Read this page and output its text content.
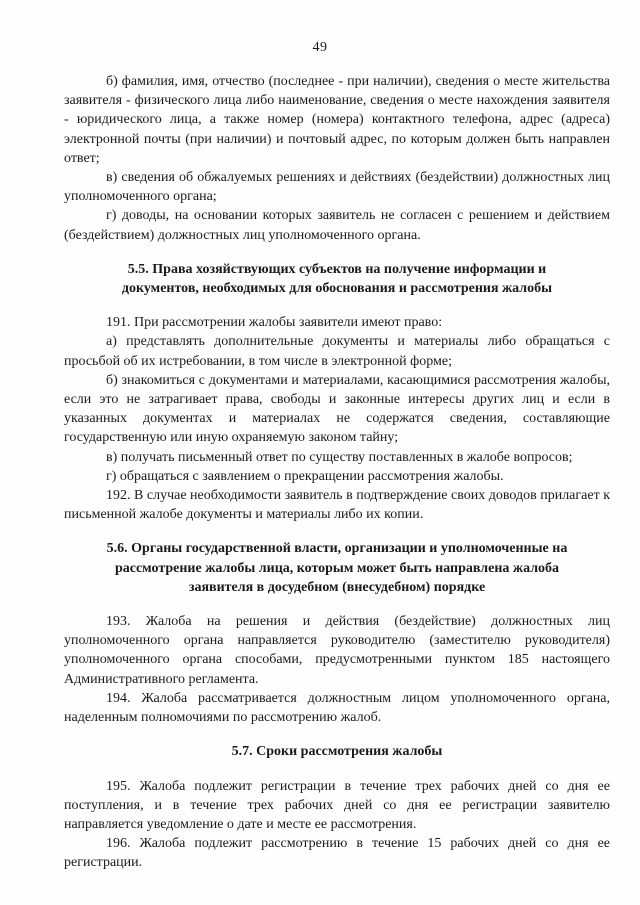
49

б) фамилия, имя, отчество (последнее - при наличии), сведения о месте жительства заявителя - физического лица либо наименование, сведения о месте нахождения заявителя - юридического лица, а также номер (номера) контактного телефона, адрес (адреса) электронной почты (при наличии) и почтовый адрес, по которым должен быть направлен ответ;

в) сведения об обжалуемых решениях и действиях (бездействии) должностных лиц уполномоченного органа;

г) доводы, на основании которых заявитель не согласен с решением и действием (бездействием) должностных лиц уполномоченного органа.

5.5. Права хозяйствующих субъектов на получение информации и документов, необходимых для обоснования и рассмотрения жалобы

191. При рассмотрении жалобы заявители имеют право:

а) представлять дополнительные документы и материалы либо обращаться с просьбой об их истребовании, в том числе в электронной форме;

б) знакомиться с документами и материалами, касающимися рассмотрения жалобы, если это не затрагивает права, свободы и законные интересы других лиц и если в указанных документах и материалах не содержатся сведения, составляющие государственную или иную охраняемую законом тайну;

в) получать письменный ответ по существу поставленных в жалобе вопросов;

г) обращаться с заявлением о прекращении рассмотрения жалобы.

192. В случае необходимости заявитель в подтверждение своих доводов прилагает к письменной жалобе документы и материалы либо их копии.

5.6. Органы государственной власти, организации и уполномоченные на рассмотрение жалобы лица, которым может быть направлена жалоба заявителя в досудебном (внесудебном) порядке

193. Жалоба на решения и действия (бездействие) должностных лиц уполномоченного органа направляется руководителю (заместителю руководителя) уполномоченного органа способами, предусмотренными пунктом 185 настоящего Административного регламента.

194. Жалоба рассматривается должностным лицом уполномоченного органа, наделенным полномочиями по рассмотрению жалоб.

5.7. Сроки рассмотрения жалобы

195. Жалоба подлежит регистрации в течение трех рабочих дней со дня ее поступления, и в течение трех рабочих дней со дня ее регистрации заявителю направляется уведомление о дате и месте ее рассмотрения.

196. Жалоба подлежит рассмотрению в течение 15 рабочих дней со дня ее регистрации.
